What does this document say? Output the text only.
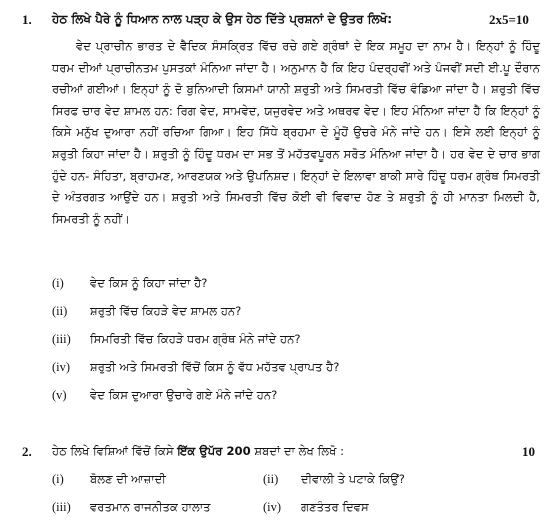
1. ਹੇਠ ਲਿਖੇ ਪੈਰੇ ਨੂੰ ਧਿਆਨ ਨਾਲ ਪੜ੍ਹ ਕੇ ਉਸ ਹੇਠ ਦਿੱਤੇ ਪ੍ਰਸ਼ਨਾਂ ਦੇ ਉਤਰ ਲਿਖੋ:	2x5=10
ਵੇਦ ਪ੍ਰਾਚੀਨ ਭਾਰਤ ਦੇ ਵੈਦਿਕ ਸੰਸਕ੍ਰਿਤ ਵਿੱਚ ਰਚੇ ਗਏ ਗ੍ਰੰਥਾਂ ਦੇ ਇਕ ਸਮੂਹ ਦਾ ਨਾਮ ਹੈ। ਇਨ੍ਹਾਂ ਨੂੰ ਹਿੰਦੂ ਧਰਮ ਦੀਆਂ ਪ੍ਰਾਚੀਨਤਮ ਪੁਸਤਕਾਂ ਮੰਨਿਆ ਜਾਂਦਾ ਹੈ। ਅਨੁਮਾਨ ਹੈ ਕਿ ਇਹ ਪੰਦਰ੍ਹਵੀਂ ਅਤੇ ਪੰਜਵੀਂ ਸਦੀ ਈ.ਪੂ ਦੌਰਾਨ ਰਚੀਆਂ ਗਈਆਂ। ਇਨ੍ਹਾਂ ਨੂੰ ਦੋ ਬੁਨਿਆਦੀ ਕਿਸਮਾਂ ਯਾਨੀ ਸ਼ਰੁਤੀ ਅਤੇ ਸਿਮਰਤੀ ਵਿੱਚ ਵੰਡਿਆ ਜਾਂਦਾ ਹੈ। ਸ਼ਰੁਤੀ ਵਿੱਚ ਸਿਰਫ ਚਾਰ ਵੇਦ ਸ਼ਾਮਲ ਹਨ: ਰਿਗ ਵੇਦ, ਸਾਮਵੇਦ, ਯਜੁਰਵੇਦ ਅਤੇ ਅਥਰਵ ਵੇਦ। ਇਹ ਮੰਨਿਆ ਜਾਂਦਾ ਹੈ ਕਿ ਇਨ੍ਹਾਂ ਨੂੰ ਕਿਸੇ ਮਨੁੱਖ ਦੁਆਰਾ ਨਹੀਂ ਰਚਿਆ ਗਿਆ। ਇਹ ਸਿੱਧੇ ਬ੍ਰਹਮਾ ਦੇ ਮੂੰਹੋਂ ਉਚਰੇ ਮੰਨੇ ਜਾਂਦੇ ਹਨ। ਇਸੇ ਲਈ ਇਨ੍ਹਾਂ ਨੂੰ ਸ਼ਰੁਤੀ ਕਿਹਾ ਜਾਂਦਾ ਹੈ। ਸ਼ਰੁਤੀ ਨੂੰ ਹਿੰਦੂ ਧਰਮ ਦਾ ਸਭ ਤੋਂ ਮਹੱਤਵਪੂਰਨ ਸਰੋਤ ਮੰਨਿਆ ਜਾਂਦਾ ਹੈ। ਹਰ ਵੇਦ ਦੇ ਚਾਰ ਭਾਗ ਹੁੰਦੇ ਹਨ- ਸੰਹਿਤਾ, ਬ੍ਰਾਹਮਣ, ਆਰਣਯਕ ਅਤੇ ਉਪਨਿਸ਼ਦ। ਇਨ੍ਹਾਂ ਦੇ ਇਲਾਵਾ ਬਾਕੀ ਸਾਰੇ ਹਿੰਦੂ ਧਰਮ ਗ੍ਰੰਥ ਸਿਮਰਤੀ ਦੇ ਅੰਤਰਗਤ ਆਉਂਦੇ ਹਨ। ਸ਼ਰੁਤੀ ਅਤੇ ਸਿਮਰਤੀ ਵਿੱਚ ਕੋਈ ਵੀ ਵਿਵਾਦ ਹੋਣ ਤੇ ਸ਼ਰੁਤੀ ਨੂੰ ਹੀ ਮਾਨਤਾ ਮਿਲਦੀ ਹੈ, ਸਿਮਰਤੀ ਨੂੰ ਨਹੀਂ।
(i) ਵੇਦ ਕਿਸ ਨੂੰ ਕਿਹਾ ਜਾਂਦਾ ਹੈ?
(ii) ਸ਼ਰੁਤੀ ਵਿੱਚ ਕਿਹੜੇ ਵੇਦ ਸ਼ਾਮਲ ਹਨ?
(iii) ਸਿਮਰਿਤੀ ਵਿੱਚ ਕਿਹੜੇ ਧਰਮ ਗ੍ਰੰਥ ਮੰਨੇ ਜਾਂਦੇ ਹਨ?
(iv) ਸ਼ਰੁਤੀ ਅਤੇ ਸਿਮਰਤੀ ਵਿੱਚੋਂ ਕਿਸ ਨੂੰ ਵੱਧ ਮਹੱਤਵ ਪ੍ਰਾਪਤ ਹੈ?
(v) ਵੇਦ ਕਿਸ ਦੁਆਰਾ ਉਚਾਰੇ ਗਏ ਮੰਨੇ ਜਾਂਦੇ ਹਨ?
2. ਹੇਠ ਲਿਖੇ ਵਿਸ਼ਿਆਂ ਵਿੱਚੋਂ ਕਿਸੇ ਇੱਕ ਉਪੱਰ 200 ਸ਼ਬਦਾਂ ਦਾ ਲੇਖ ਲਿਖੋ :	10
(i) ਬੋਲਣ ਦੀ ਆਜ਼ਾਦੀ	(ii) ਦੀਵਾਲੀ ਤੇ ਪਟਾਕੇ ਕਿਉਂ?
(iii) ਵਰਤਮਾਨ ਰਾਜਨੀਤਕ ਹਾਲਾਤ	(iv) ਗਣਤੰਤਰ ਦਿਵਸ
